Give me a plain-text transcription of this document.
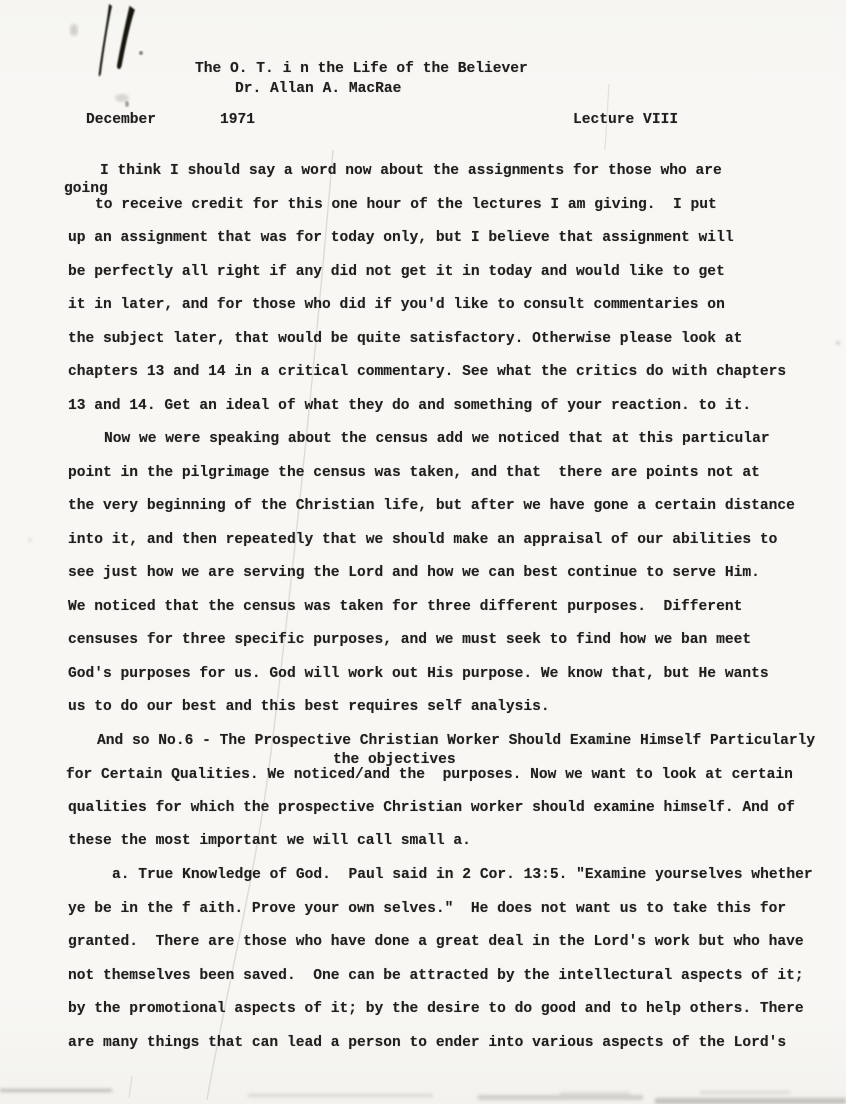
The O. T. i n the Life of the Believer
Dr. Allan A. MacRae
December	1971	Lecture VIII
I think I should say a word now about the assignments for those who are
going
to receive credit for this one hour of the lectures I am giving.  I put
up an assignment that was for today only, but I believe that assignment will
be perfectly all right if any did not get it in today and would like to get
it in later, and for those who did if you'd like to consult commentaries on
the subject later, that would be quite satisfactory. Otherwise please look at
chapters 13 and 14 in a critical commentary. See what the critics do with chapters
13 and 14. Get an ideal of what they do and something of your reaction. to it.
Now we were speaking about the census add we noticed that at this particular
point in the pilgrimage the census was taken, and that  there are points not at
the very beginning of the Christian life, but after we have gone a certain distance
into it, and then repeatedly that we should make an appraisal of our abilities to
see just how we are serving the Lord and how we can best continue to serve Him.
We noticed that the census was taken for three different purposes.  Different
censuses for three specific purposes, and we must seek to find how we ban meet
God's purposes for us. God will work out His purpose. We know that, but He wants
us to do our best and this best requires self analysis.
And so No.6 - The Prospective Christian Worker Should Examine Himself Particularly
the objectives
for Certain Qualities. We noticed/and the  purposes. Now we want to look at certain
qualities for which the prospective Christian worker should examine himself. And of
these the most important we will call small a.
a. True Knowledge of God.  Paul said in 2 Cor. 13:5. "Examine yourselves whether
ye be in the f aith. Prove your own selves."  He does not want us to take this for
granted.  There are those who have done a great deal in the Lord's work but who have
not themselves been saved.  One can be attracted by the intellectural aspects of it;
by the promotional aspects of it; by the desire to do good and to help others. There
are many things that can lead a person to ender into various aspects of the Lord's
